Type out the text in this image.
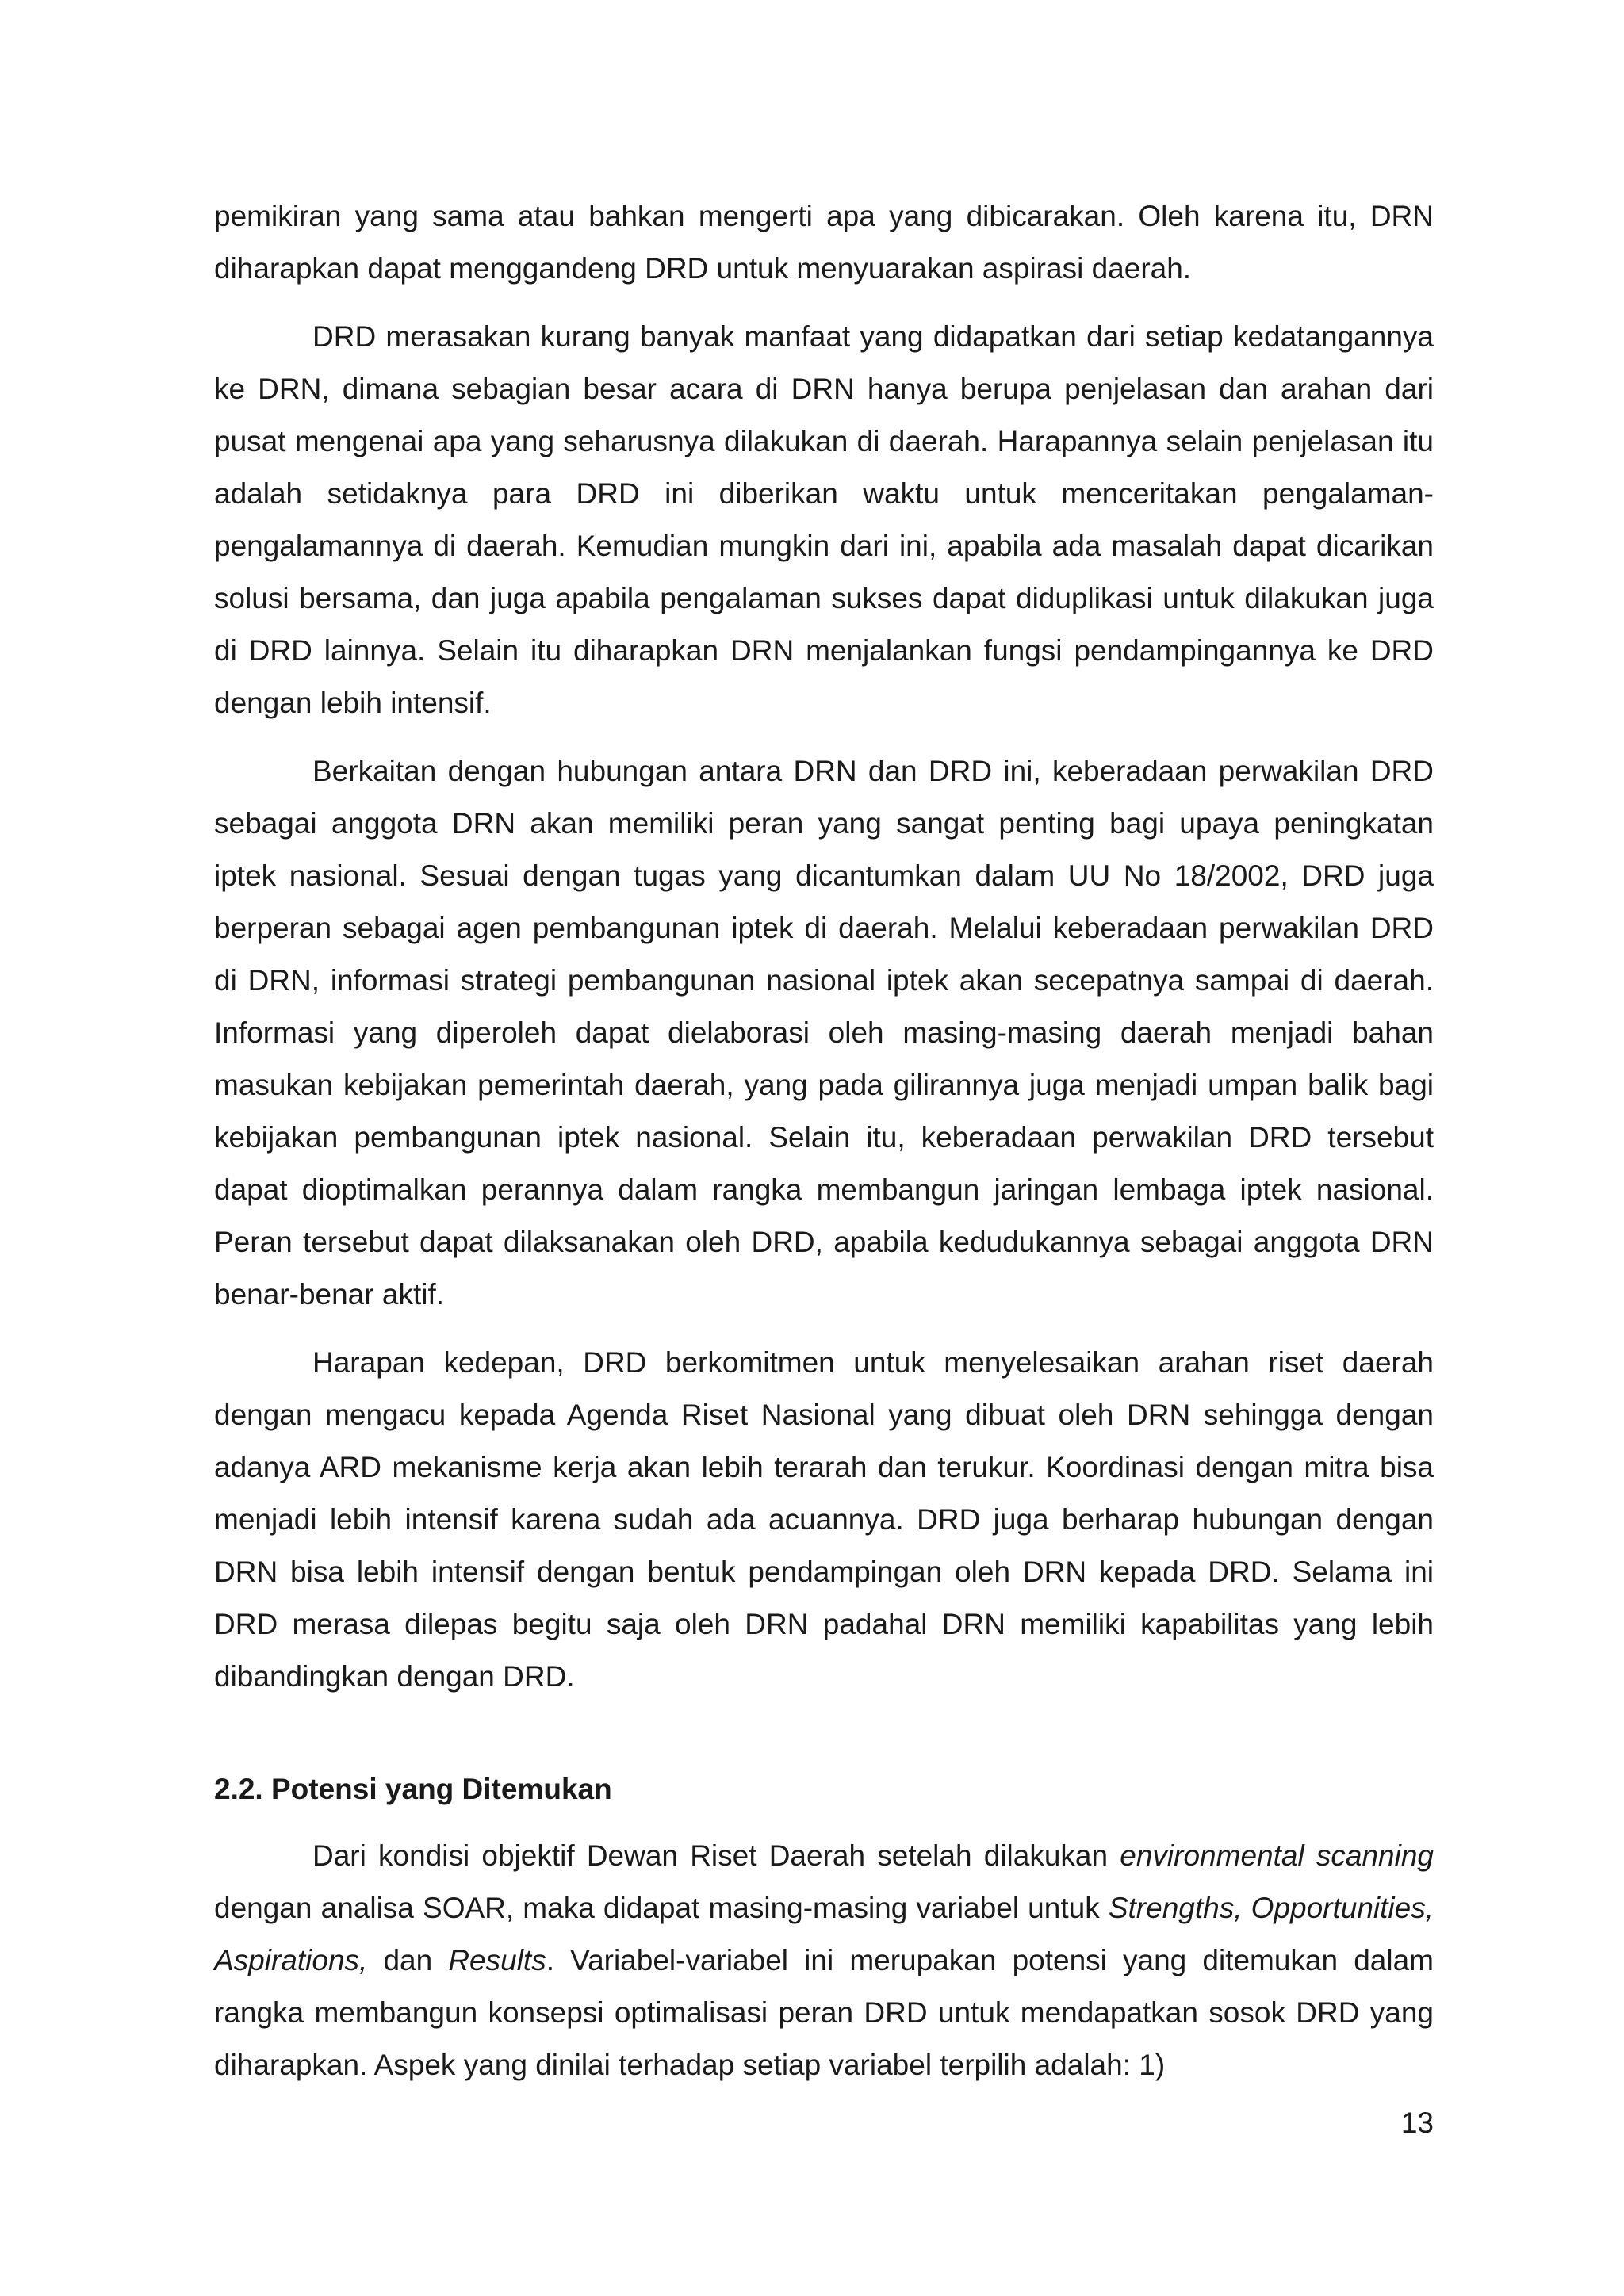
pemikiran yang sama atau bahkan mengerti apa yang dibicarakan. Oleh karena itu, DRN diharapkan dapat menggandeng DRD untuk menyuarakan aspirasi daerah.

DRD merasakan kurang banyak manfaat yang didapatkan dari setiap kedatangannya ke DRN, dimana sebagian besar acara di DRN hanya berupa penjelasan dan arahan dari pusat mengenai apa yang seharusnya dilakukan di daerah. Harapannya selain penjelasan itu adalah setidaknya para DRD ini diberikan waktu untuk menceritakan pengalaman-pengalamannya di daerah. Kemudian mungkin dari ini, apabila ada masalah dapat dicarikan solusi bersama, dan juga apabila pengalaman sukses dapat diduplikasi untuk dilakukan juga di DRD lainnya. Selain itu diharapkan DRN menjalankan fungsi pendampingannya ke DRD dengan lebih intensif.

Berkaitan dengan hubungan antara DRN dan DRD ini, keberadaan perwakilan DRD sebagai anggota DRN akan memiliki peran yang sangat penting bagi upaya peningkatan iptek nasional. Sesuai dengan tugas yang dicantumkan dalam UU No 18/2002, DRD juga berperan sebagai agen pembangunan iptek di daerah. Melalui keberadaan perwakilan DRD di DRN, informasi strategi pembangunan nasional iptek akan secepatnya sampai di daerah. Informasi yang diperoleh dapat dielaborasi oleh masing-masing daerah menjadi bahan masukan kebijakan pemerintah daerah, yang pada gilirannya juga menjadi umpan balik bagi kebijakan pembangunan iptek nasional. Selain itu, keberadaan perwakilan DRD tersebut dapat dioptimalkan perannya dalam rangka membangun jaringan lembaga iptek nasional. Peran tersebut dapat dilaksanakan oleh DRD, apabila kedudukannya sebagai anggota DRN benar-benar aktif.

Harapan kedepan, DRD berkomitmen untuk menyelesaikan arahan riset daerah dengan mengacu kepada Agenda Riset Nasional yang dibuat oleh DRN sehingga dengan adanya ARD mekanisme kerja akan lebih terarah dan terukur. Koordinasi dengan mitra bisa menjadi lebih intensif karena sudah ada acuannya. DRD juga berharap hubungan dengan DRN bisa lebih intensif dengan bentuk pendampingan oleh DRN kepada DRD. Selama ini DRD merasa dilepas begitu saja oleh DRN padahal DRN memiliki kapabilitas yang lebih dibandingkan dengan DRD.

2.2. Potensi yang Ditemukan

Dari kondisi objektif Dewan Riset Daerah setelah dilakukan environmental scanning dengan analisa SOAR, maka didapat masing-masing variabel untuk Strengths, Opportunities, Aspirations, dan Results. Variabel-variabel ini merupakan potensi yang ditemukan dalam rangka membangun konsepsi optimalisasi peran DRD untuk mendapatkan sosok DRD yang diharapkan. Aspek yang dinilai terhadap setiap variabel terpilih adalah: 1)

13
